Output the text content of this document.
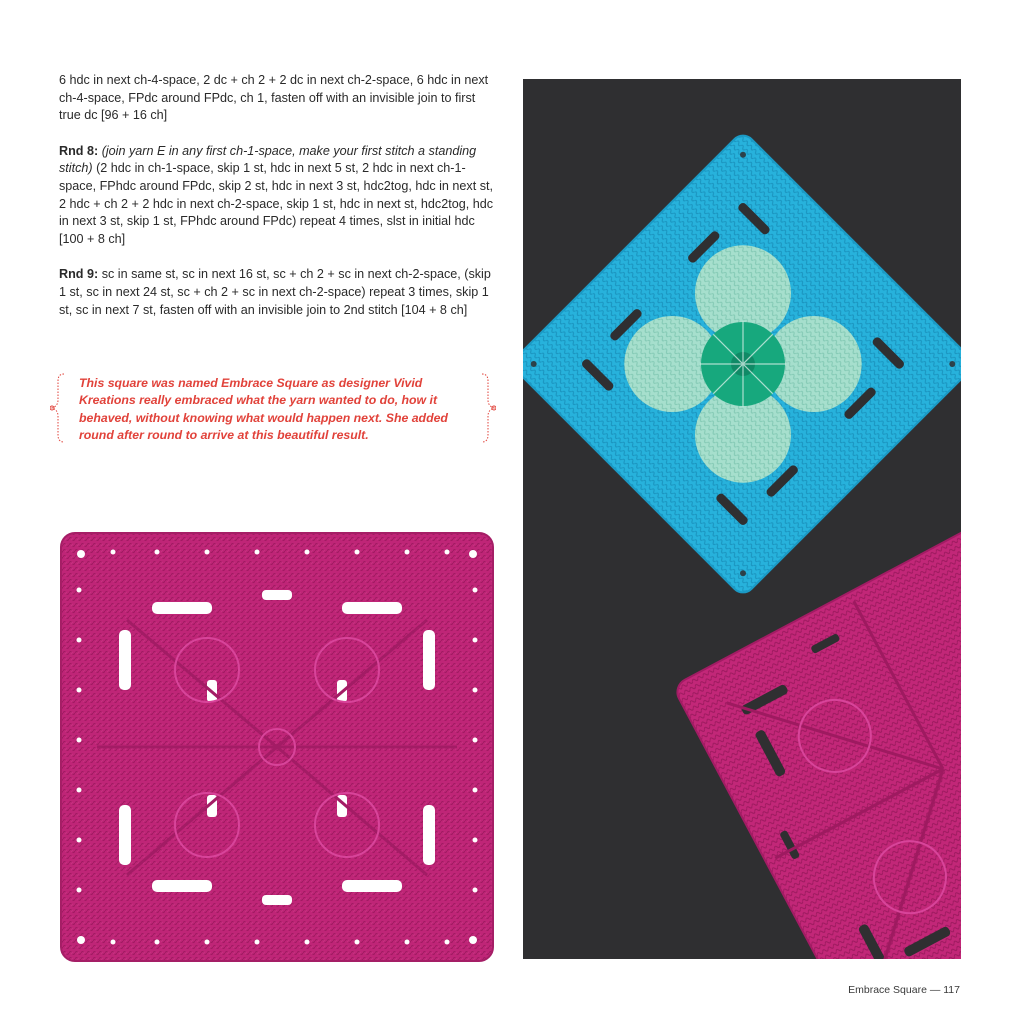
6 hdc in next ch-4-space, 2 dc + ch 2 + 2 dc in next ch-2-space, 6 hdc in next ch-4-space, FPdc around FPdc, ch 1, fasten off with an invisible join to first true dc [96 + 16 ch]

Rnd 8: (join yarn E in any first ch-1-space, make your first stitch a standing stitch) (2 hdc in ch-1-space, skip 1 st, hdc in next 5 st, 2 hdc in next ch-1-space, FPhdc around FPdc, skip 2 st, hdc in next 3 st, hdc2tog, hdc in next st, 2 hdc + ch 2 + 2 hdc in next ch-2-space, skip 1 st, hdc in next st, hdc2tog, hdc in next 3 st, skip 1 st, FPhdc around FPdc) repeat 4 times, slst in initial hdc [100 + 8 ch]

Rnd 9: sc in same st, sc in next 16 st, sc + ch 2 + sc in next ch-2-space, (skip 1 st, sc in next 24 st, sc + ch 2 + sc in next ch-2-space) repeat 3 times, skip 1 st, sc in next 7 st, fasten off with an invisible join to 2nd stitch [104 + 8 ch]

This square was named Embrace Square as designer Vivid Kreations really embraced what the yarn wanted to do, how it behaved, without knowing what would happen next. She added round after round to arrive at this beautiful result.
Embrace Square — 117
